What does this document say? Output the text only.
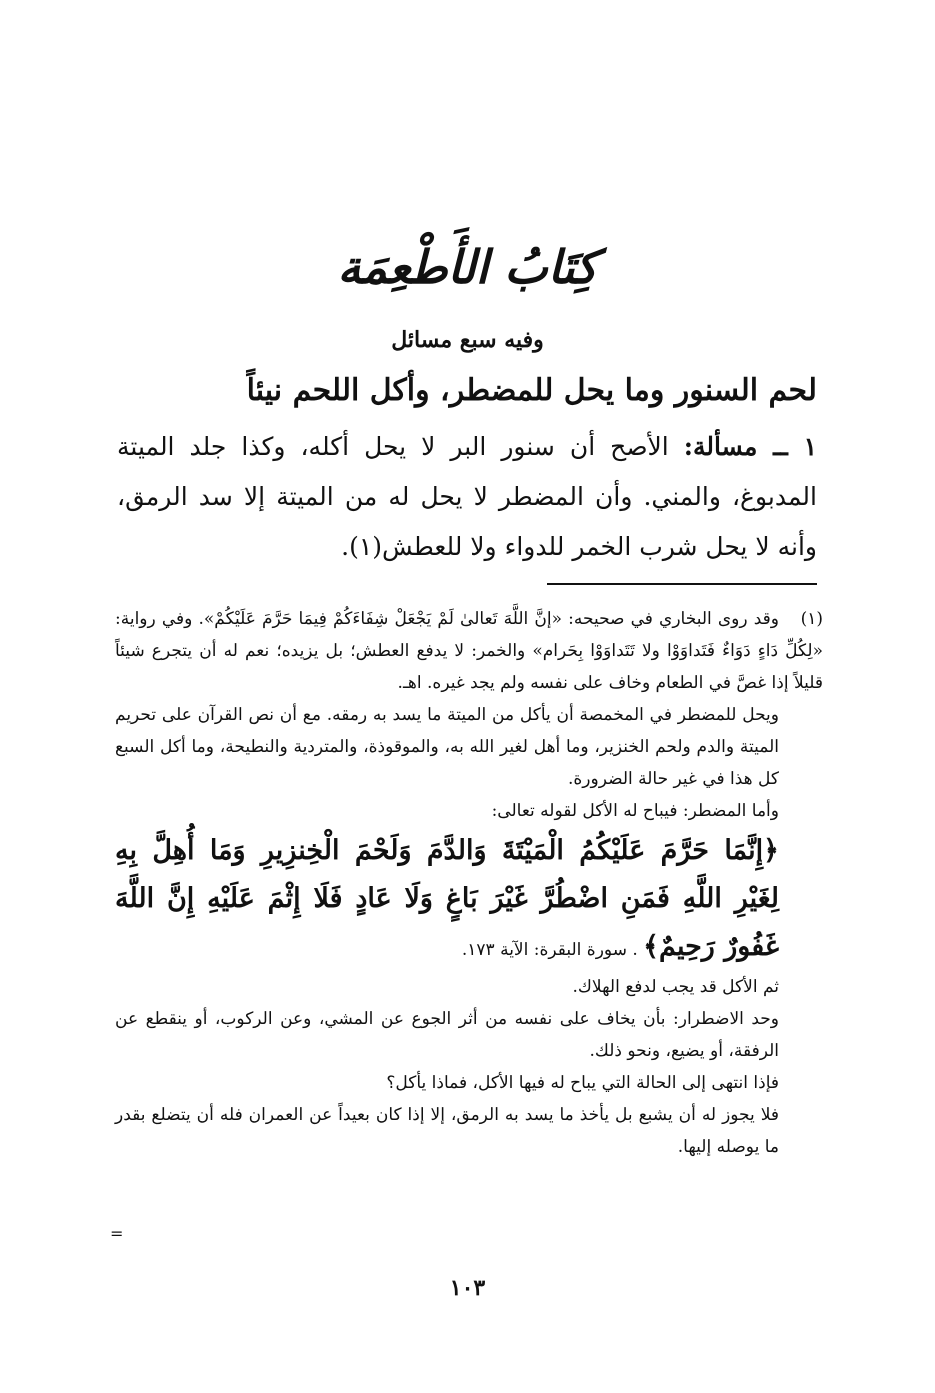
كِتَابُ الأَطْعِمَة
وفيه سبع مسائل
لحم السنور وما يحل للمضطر، وأكل اللحم نيئاً
١ ــ مسألة: الأصح أن سنور البر لا يحل أكله، وكذا جلد الميتة المدبوغ، والمني. وأن المضطر لا يحل له من الميتة إلا سد الرمق، وأنه لا يحل شرب الخمر للدواء ولا للعطش(١).

(١)وقد روى البخاري في صحيحه: «إنَّ اللَّهَ تَعالىٰ لَمْ يَجْعَلْ شِفَاءَكُمْ فِيمَا حَرَّمَ عَلَيْكُمْ». وفي رواية: «لِكُلِّ دَاءٍ دَوَاءٌ فَتَداوَوْا ولا تَتَداوَوْا بِحَرام» والخمر: لا يدفع العطش؛ بل يزيده؛ نعم له أن يتجرع شيئاً قليلاً إذا غصَّ في الطعام وخاف على نفسه ولم يجد غيره. اهـ.

ويحل للمضطر في المخمصة أن يأكل من الميتة ما يسد به رمقه. مع أن نص القرآن على تحريم الميتة والدم ولحم الخنزير، وما أهل لغير الله به، والموقوذة، والمتردية والنطيحة، وما أكل السبع كل هذا في غير حالة الضرورة.

وأما المضطر: فيباح له الأكل لقوله تعالى:

﴿إِنَّمَا حَرَّمَ عَلَيْكُمُ الْمَيْتَةَ وَالدَّمَ وَلَحْمَ الْخِنزِيرِ وَمَا أُهِلَّ بِهِ لِغَيْرِ اللَّهِ فَمَنِ اضْطُرَّ غَيْرَ بَاغٍ وَلَا عَادٍ فَلَا إِثْمَ عَلَيْهِ إِنَّ اللَّهَ غَفُورٌ رَحِيمٌ﴾ . سورة البقرة: الآية ١٧٣.

ثم الأكل قد يجب لدفع الهلاك.

وحد الاضطرار: بأن يخاف على نفسه من أثر الجوع عن المشي، وعن الركوب، أو ينقطع عن الرفقة، أو يضيع، ونحو ذلك.

فإذا انتهى إلى الحالة التي يباح له فيها الأكل، فماذا يأكل؟

فلا يجوز له أن يشبع بل يأخذ ما يسد به الرمق، إلا إذا كان بعيداً عن العمران فله أن يتضلع بقدر ما يوصله إليها.

=
١٠٣
